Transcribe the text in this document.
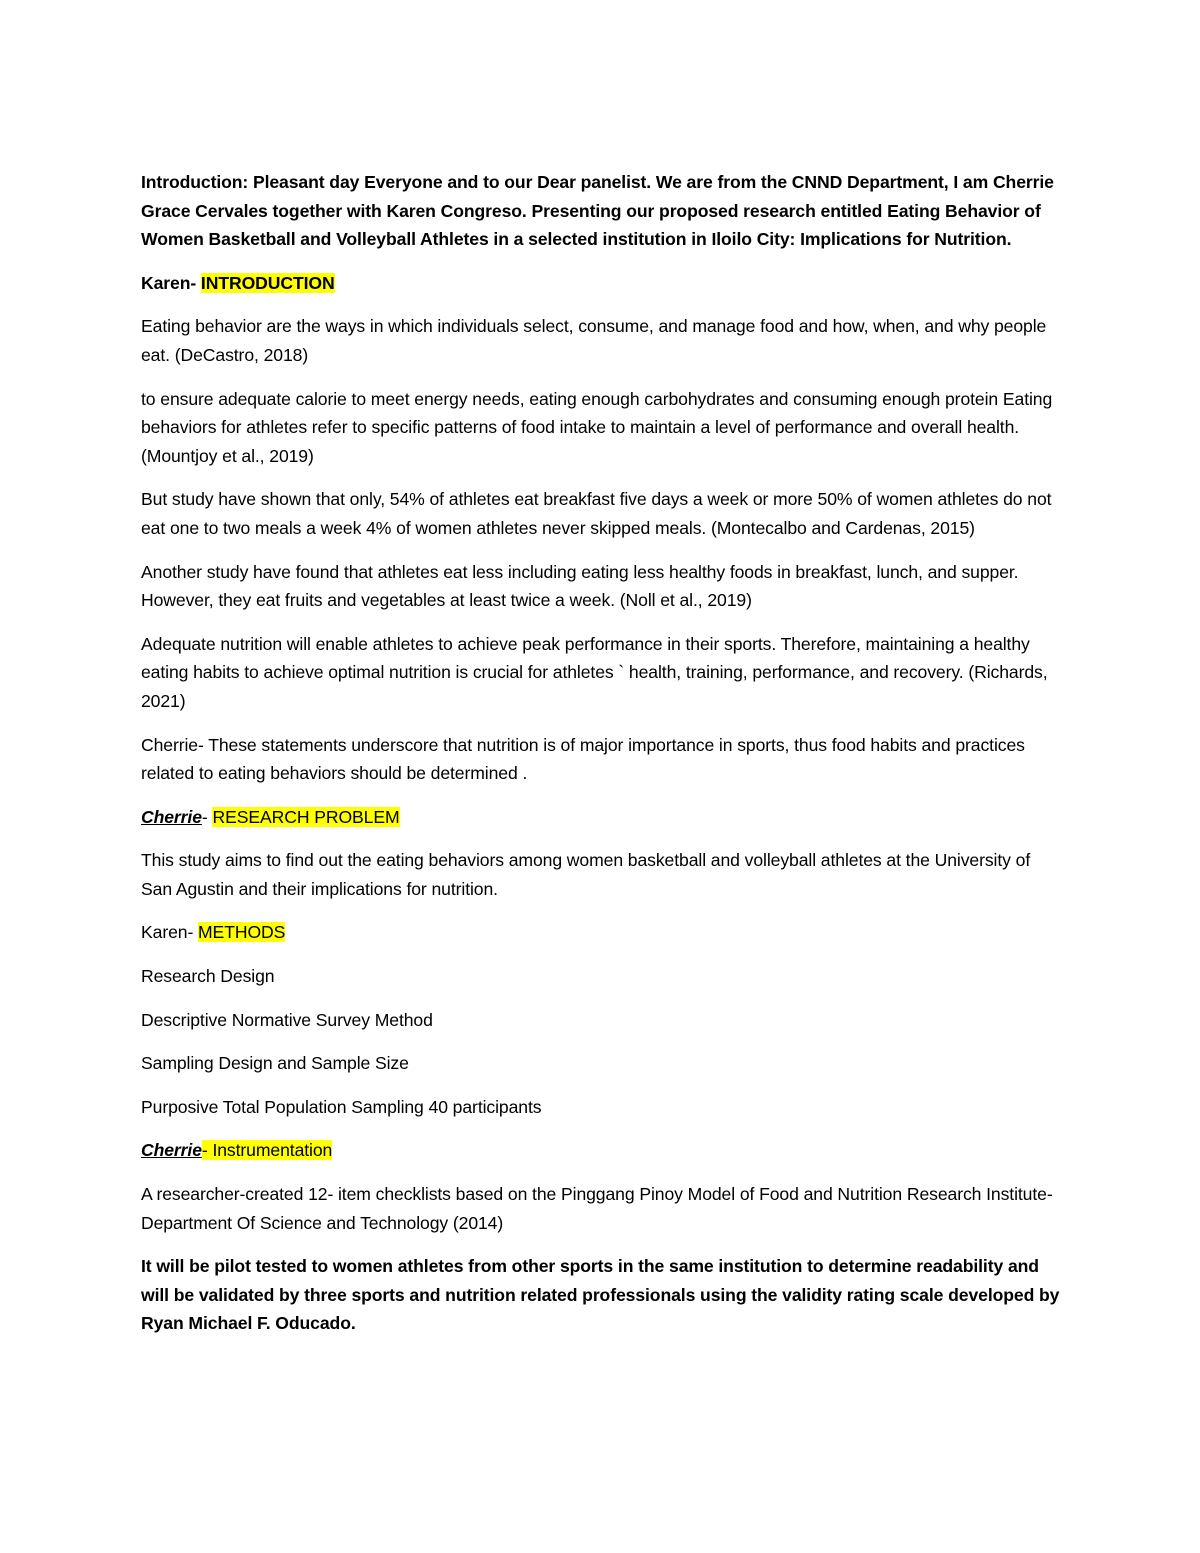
Introduction: Pleasant day Everyone and to our Dear panelist. We are from the CNND Department, I am Cherrie Grace Cervales together with Karen Congreso. Presenting our proposed research entitled Eating Behavior of Women Basketball and Volleyball Athletes in a selected institution in Iloilo City: Implications for Nutrition.

Karen- INTRODUCTION

Eating behavior are the ways in which individuals select, consume, and manage food and how, when, and why people eat. (DeCastro, 2018)

to ensure adequate calorie to meet energy needs, eating enough carbohydrates and consuming enough protein Eating behaviors for athletes refer to specific patterns of food intake to maintain a level of performance and overall health. (Mountjoy et al., 2019)

But study have shown that only, 54% of athletes eat breakfast five days a week or more 50% of women athletes do not eat one to two meals a week 4% of women athletes never skipped meals. (Montecalbo and Cardenas, 2015)

Another study have found that athletes eat less including eating less healthy foods in breakfast, lunch, and supper. However, they eat fruits and vegetables at least twice a week. (Noll et al., 2019)

Adequate nutrition will enable athletes to achieve peak performance in their sports. Therefore, maintaining a healthy eating habits to achieve optimal nutrition is crucial for athletes ` health, training, performance, and recovery. (Richards, 2021)

Cherrie- These statements underscore that nutrition is of major importance in sports, thus food habits and practices related to eating behaviors should be determined .

Cherrie- RESEARCH PROBLEM

This study aims to find out the eating behaviors among women basketball and volleyball athletes at the University of San Agustin and their implications for nutrition.

Karen- METHODS

Research Design

Descriptive Normative Survey Method

Sampling Design and Sample Size

Purposive Total Population Sampling 40 participants

Cherrie- Instrumentation

A researcher-created 12- item checklists based on the Pinggang Pinoy Model of Food and Nutrition Research Institute-Department Of Science and Technology (2014)

It will be pilot tested to women athletes from other sports in the same institution to determine readability and will be validated by three sports and nutrition related professionals using the validity rating scale developed by Ryan Michael F. Oducado.
